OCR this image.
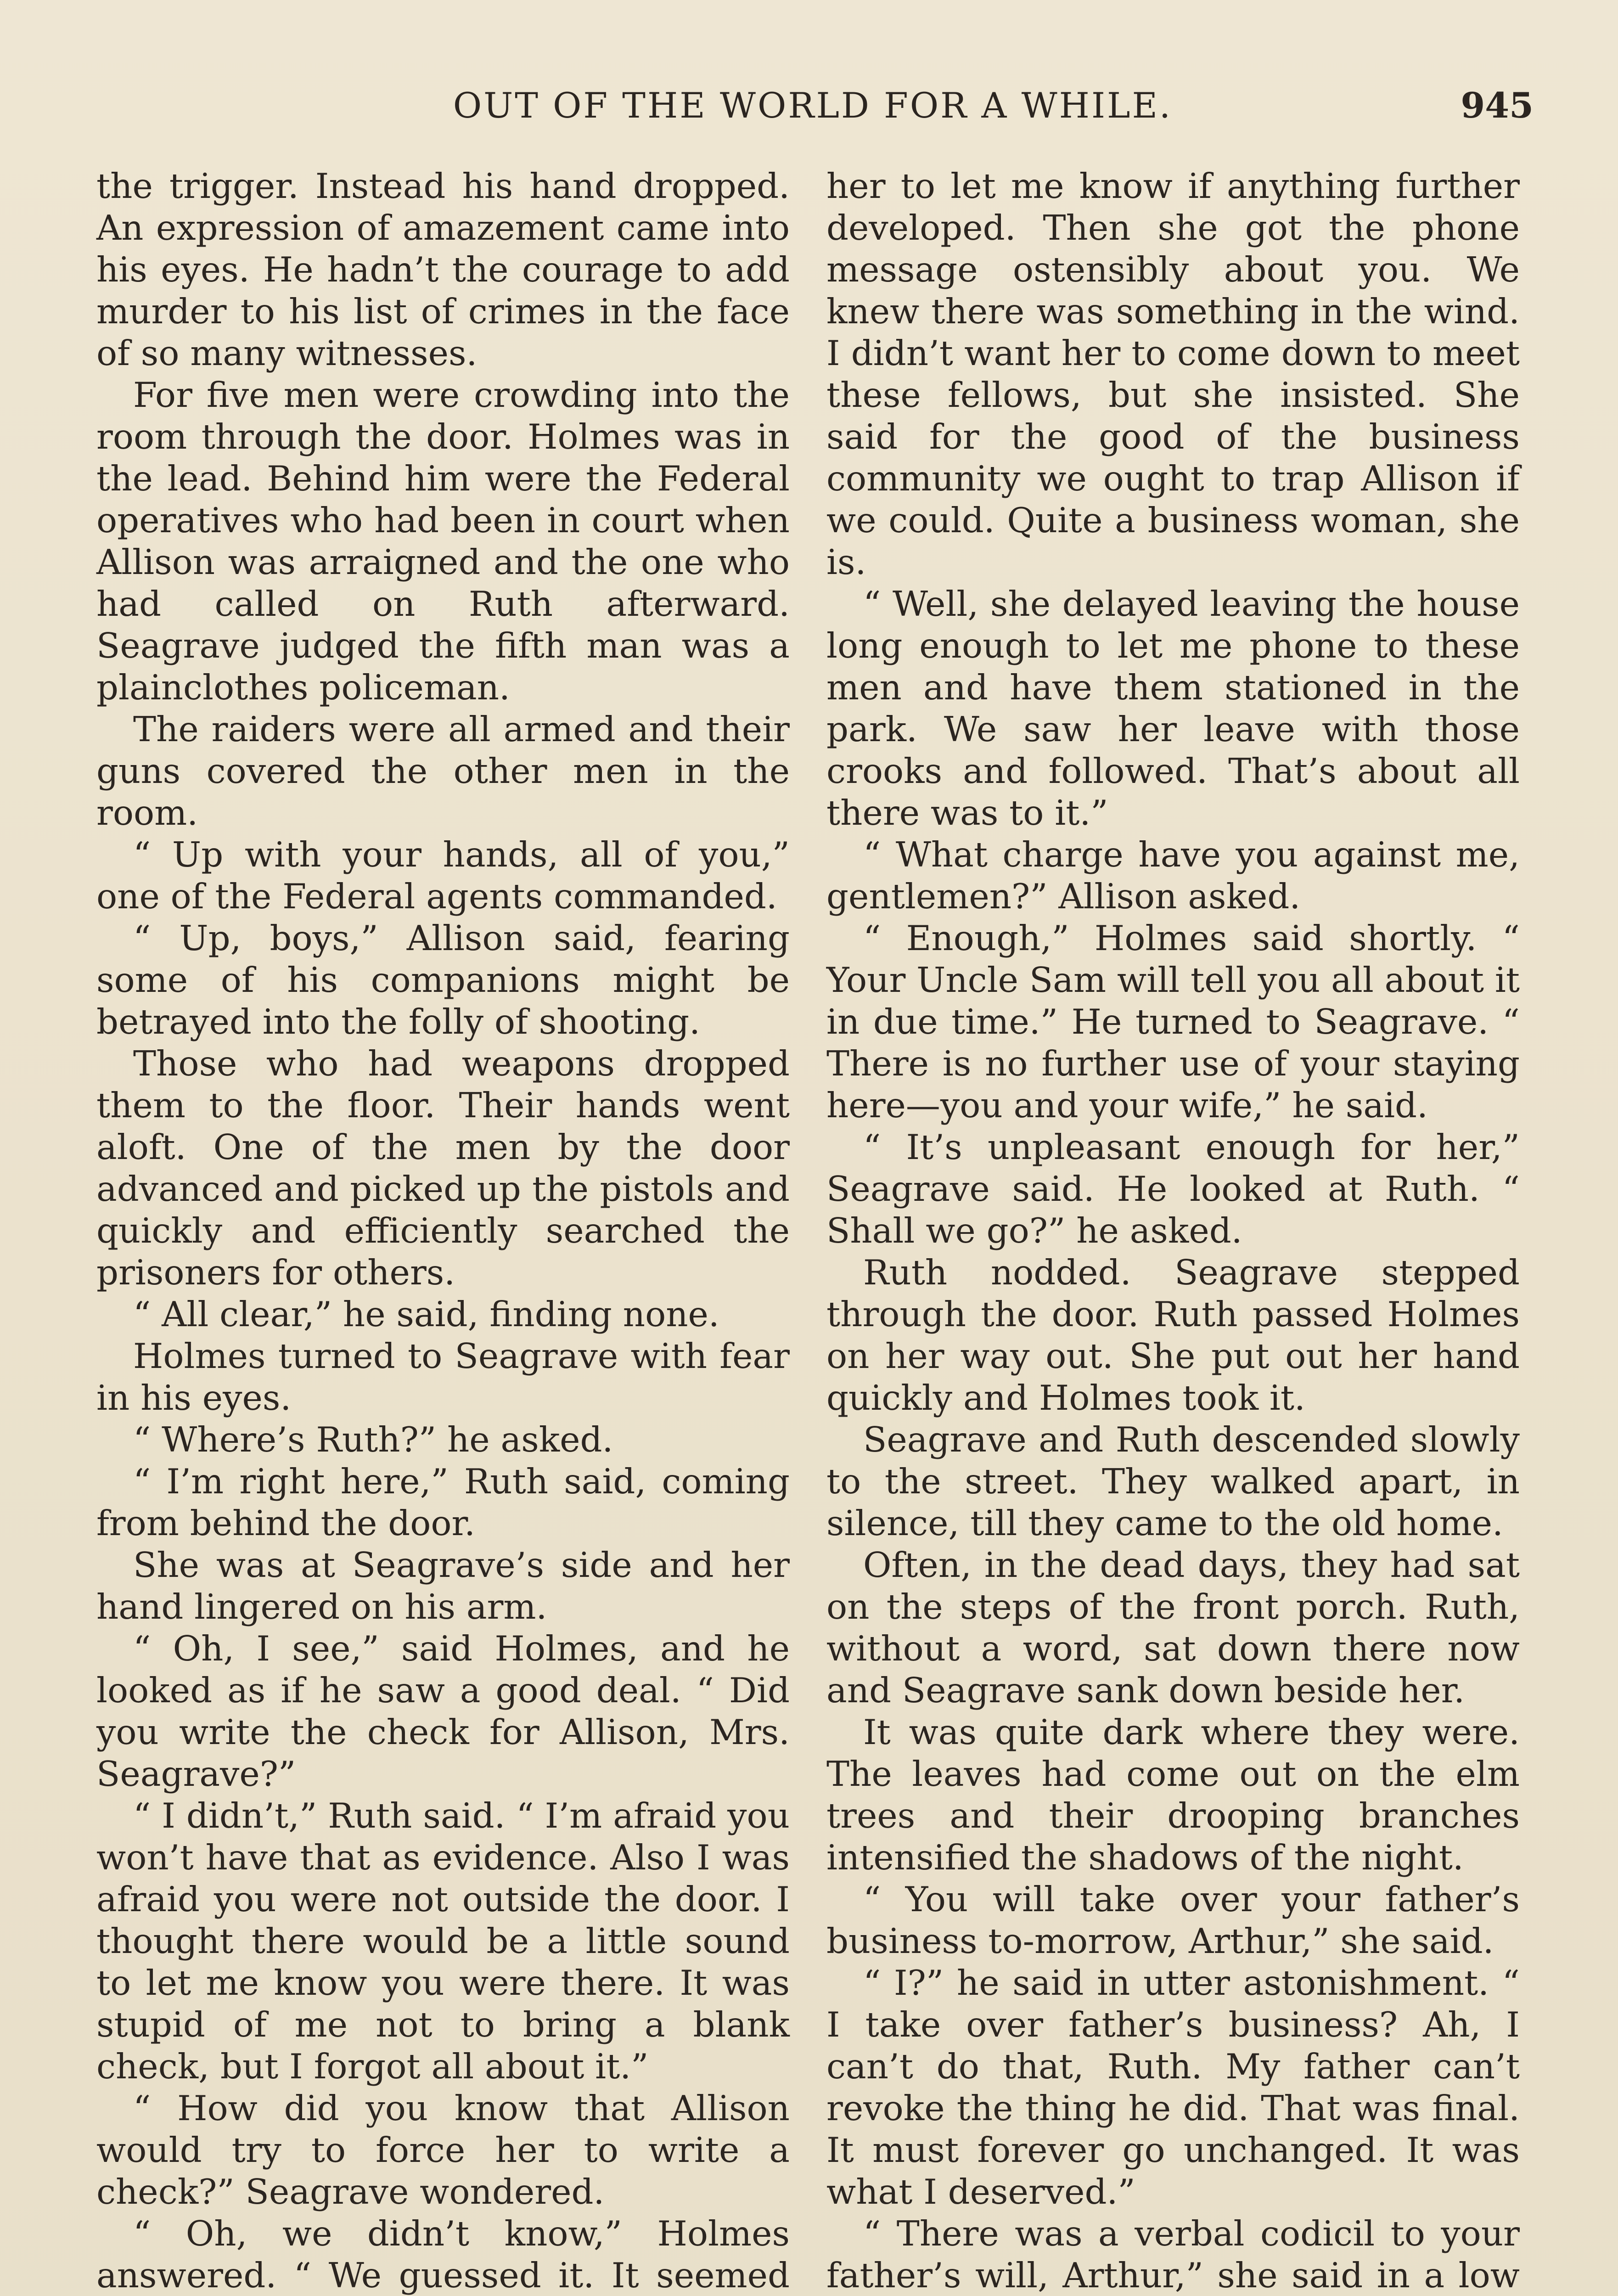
OUT OF THE WORLD FOR A WHILE.	945

the trigger. Instead his hand dropped. An expression of amazement came into his eyes. He hadn’t the courage to add murder to his list of crimes in the face of so many witnesses.

For five men were crowding into the room through the door. Holmes was in the lead. Behind him were the Federal operatives who had been in court when Allison was arraigned and the one who had called on Ruth afterward. Seagrave judged the fifth man was a plainclothes policeman.

The raiders were all armed and their guns covered the other men in the room.

“ Up with your hands, all of you,” one of the Federal agents commanded.

“ Up, boys,” Allison said, fearing some of his companions might be betrayed into the folly of shooting.

Those who had weapons dropped them to the floor. Their hands went aloft. One of the men by the door advanced and picked up the pistols and quickly and efficiently searched the prisoners for others.

“ All clear,” he said, finding none.

Holmes turned to Seagrave with fear in his eyes.

“ Where’s Ruth?” he asked.

“ I’m right here,” Ruth said, coming from behind the door.

She was at Seagrave’s side and her hand lingered on his arm.

“ Oh, I see,” said Holmes, and he looked as if he saw a good deal. “ Did you write the check for Allison, Mrs. Seagrave?”

“ I didn’t,” Ruth said. “ I’m afraid you won’t have that as evidence. Also I was afraid you were not outside the door. I thought there would be a little sound to let me know you were there. It was stupid of me not to bring a blank check, but I forgot all about it.”

“ How did you know that Allison would try to force her to write a check?” Seagrave wondered.

“ Oh, we didn’t know,” Holmes answered. “ We guessed it. It seemed

her to let me know if anything further developed. Then she got the phone message ostensibly about you. We knew there was something in the wind. I didn’t want her to come down to meet these fellows, but she insisted. She said for the good of the business community we ought to trap Allison if we could. Quite a business woman, she is.

“ Well, she delayed leaving the house long enough to let me phone to these men and have them stationed in the park. We saw her leave with those crooks and followed. That’s about all there was to it.”

“ What charge have you against me, gentlemen?” Allison asked.

“ Enough,” Holmes said shortly. “ Your Uncle Sam will tell you all about it in due time.” He turned to Seagrave. “ There is no further use of your staying here—you and your wife,” he said.

“ It’s unpleasant enough for her,” Seagrave said. He looked at Ruth. “ Shall we go?” he asked.

Ruth nodded. Seagrave stepped through the door. Ruth passed Holmes on her way out. She put out her hand quickly and Holmes took it.

Seagrave and Ruth descended slowly to the street. They walked apart, in silence, till they came to the old home.

Often, in the dead days, they had sat on the steps of the front porch. Ruth, without a word, sat down there now and Seagrave sank down beside her.

It was quite dark where they were. The leaves had come out on the elm trees and their drooping branches intensified the shadows of the night.

“ You will take over your father’s business to-morrow, Arthur,” she said.

“ I?” he said in utter astonishment. “ I take over father’s business? Ah, I can’t do that, Ruth. My father can’t revoke the thing he did. That was final. It must forever go unchanged. It was what I deserved.”

“ There was a verbal codicil to your father’s will, Arthur,” she said in a low
